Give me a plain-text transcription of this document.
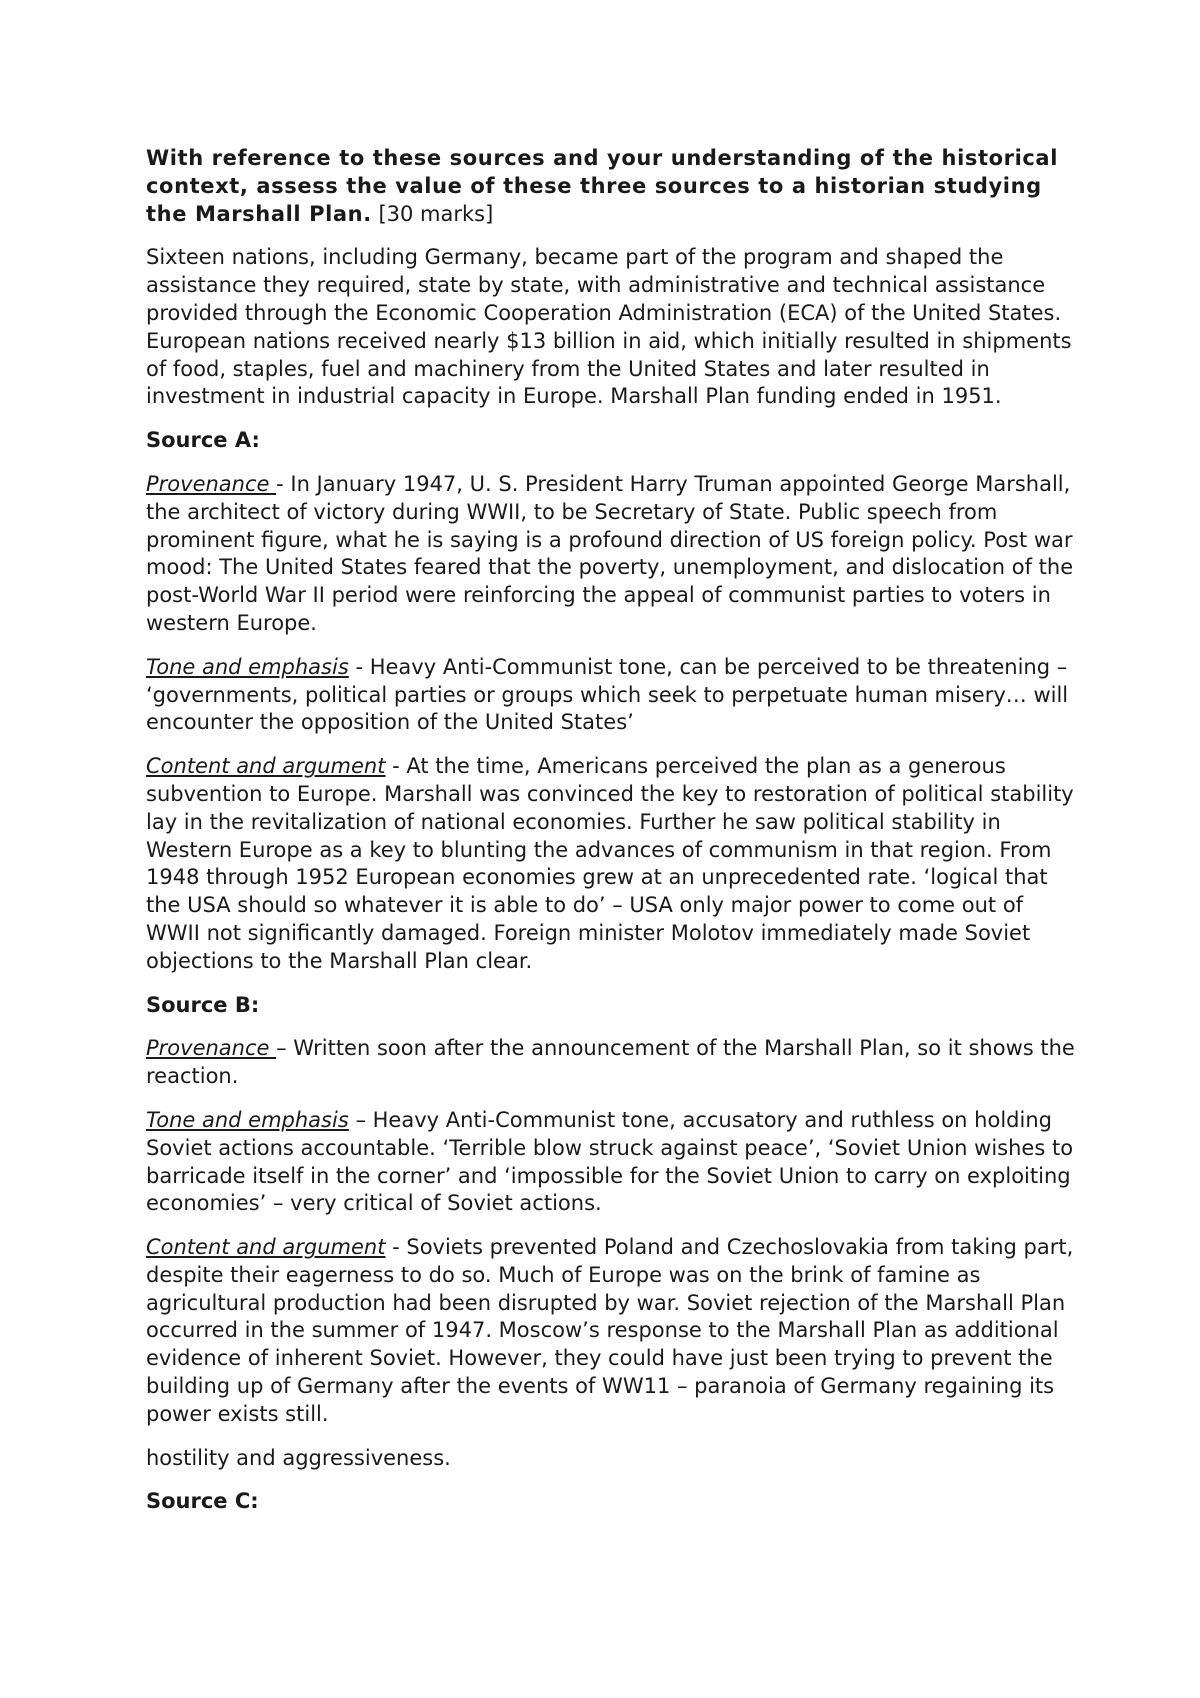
With reference to these sources and your understanding of the historical context, assess the value of these three sources to a historian studying the Marshall Plan. [30 marks]

Sixteen nations, including Germany, became part of the program and shaped the assistance they required, state by state, with administrative and technical assistance provided through the Economic Cooperation Administration (ECA) of the United States. European nations received nearly $13 billion in aid, which initially resulted in shipments of food, staples, fuel and machinery from the United States and later resulted in investment in industrial capacity in Europe. Marshall Plan funding ended in 1951.

Source A:

Provenance - In January 1947, U. S. President Harry Truman appointed George Marshall, the architect of victory during WWII, to be Secretary of State. Public speech from prominent figure, what he is saying is a profound direction of US foreign policy. Post war mood: The United States feared that the poverty, unemployment, and dislocation of the post-World War II period were reinforcing the appeal of communist parties to voters in western Europe.

Tone and emphasis - Heavy Anti-Communist tone, can be perceived to be threatening – ‘governments, political parties or groups which seek to perpetuate human misery… will encounter the opposition of the United States’

Content and argument - At the time, Americans perceived the plan as a generous subvention to Europe. Marshall was convinced the key to restoration of political stability lay in the revitalization of national economies. Further he saw political stability in Western Europe as a key to blunting the advances of communism in that region. From 1948 through 1952 European economies grew at an unprecedented rate. ‘logical that the USA should so whatever it is able to do’ – USA only major power to come out of WWII not significantly damaged. Foreign minister Molotov immediately made Soviet objections to the Marshall Plan clear.

Source B:

Provenance – Written soon after the announcement of the Marshall Plan, so it shows the reaction.

Tone and emphasis – Heavy Anti-Communist tone, accusatory and ruthless on holding Soviet actions accountable. ‘Terrible blow struck against peace’, ‘Soviet Union wishes to barricade itself in the corner’ and ‘impossible for the Soviet Union to carry on exploiting economies’ – very critical of Soviet actions.

Content and argument - Soviets prevented Poland and Czechoslovakia from taking part, despite their eagerness to do so. Much of Europe was on the brink of famine as agricultural production had been disrupted by war. Soviet rejection of the Marshall Plan occurred in the summer of 1947. Moscow’s response to the Marshall Plan as additional evidence of inherent Soviet. However, they could have just been trying to prevent the building up of Germany after the events of WW11 – paranoia of Germany regaining its power exists still.

hostility and aggressiveness.

Source C:
